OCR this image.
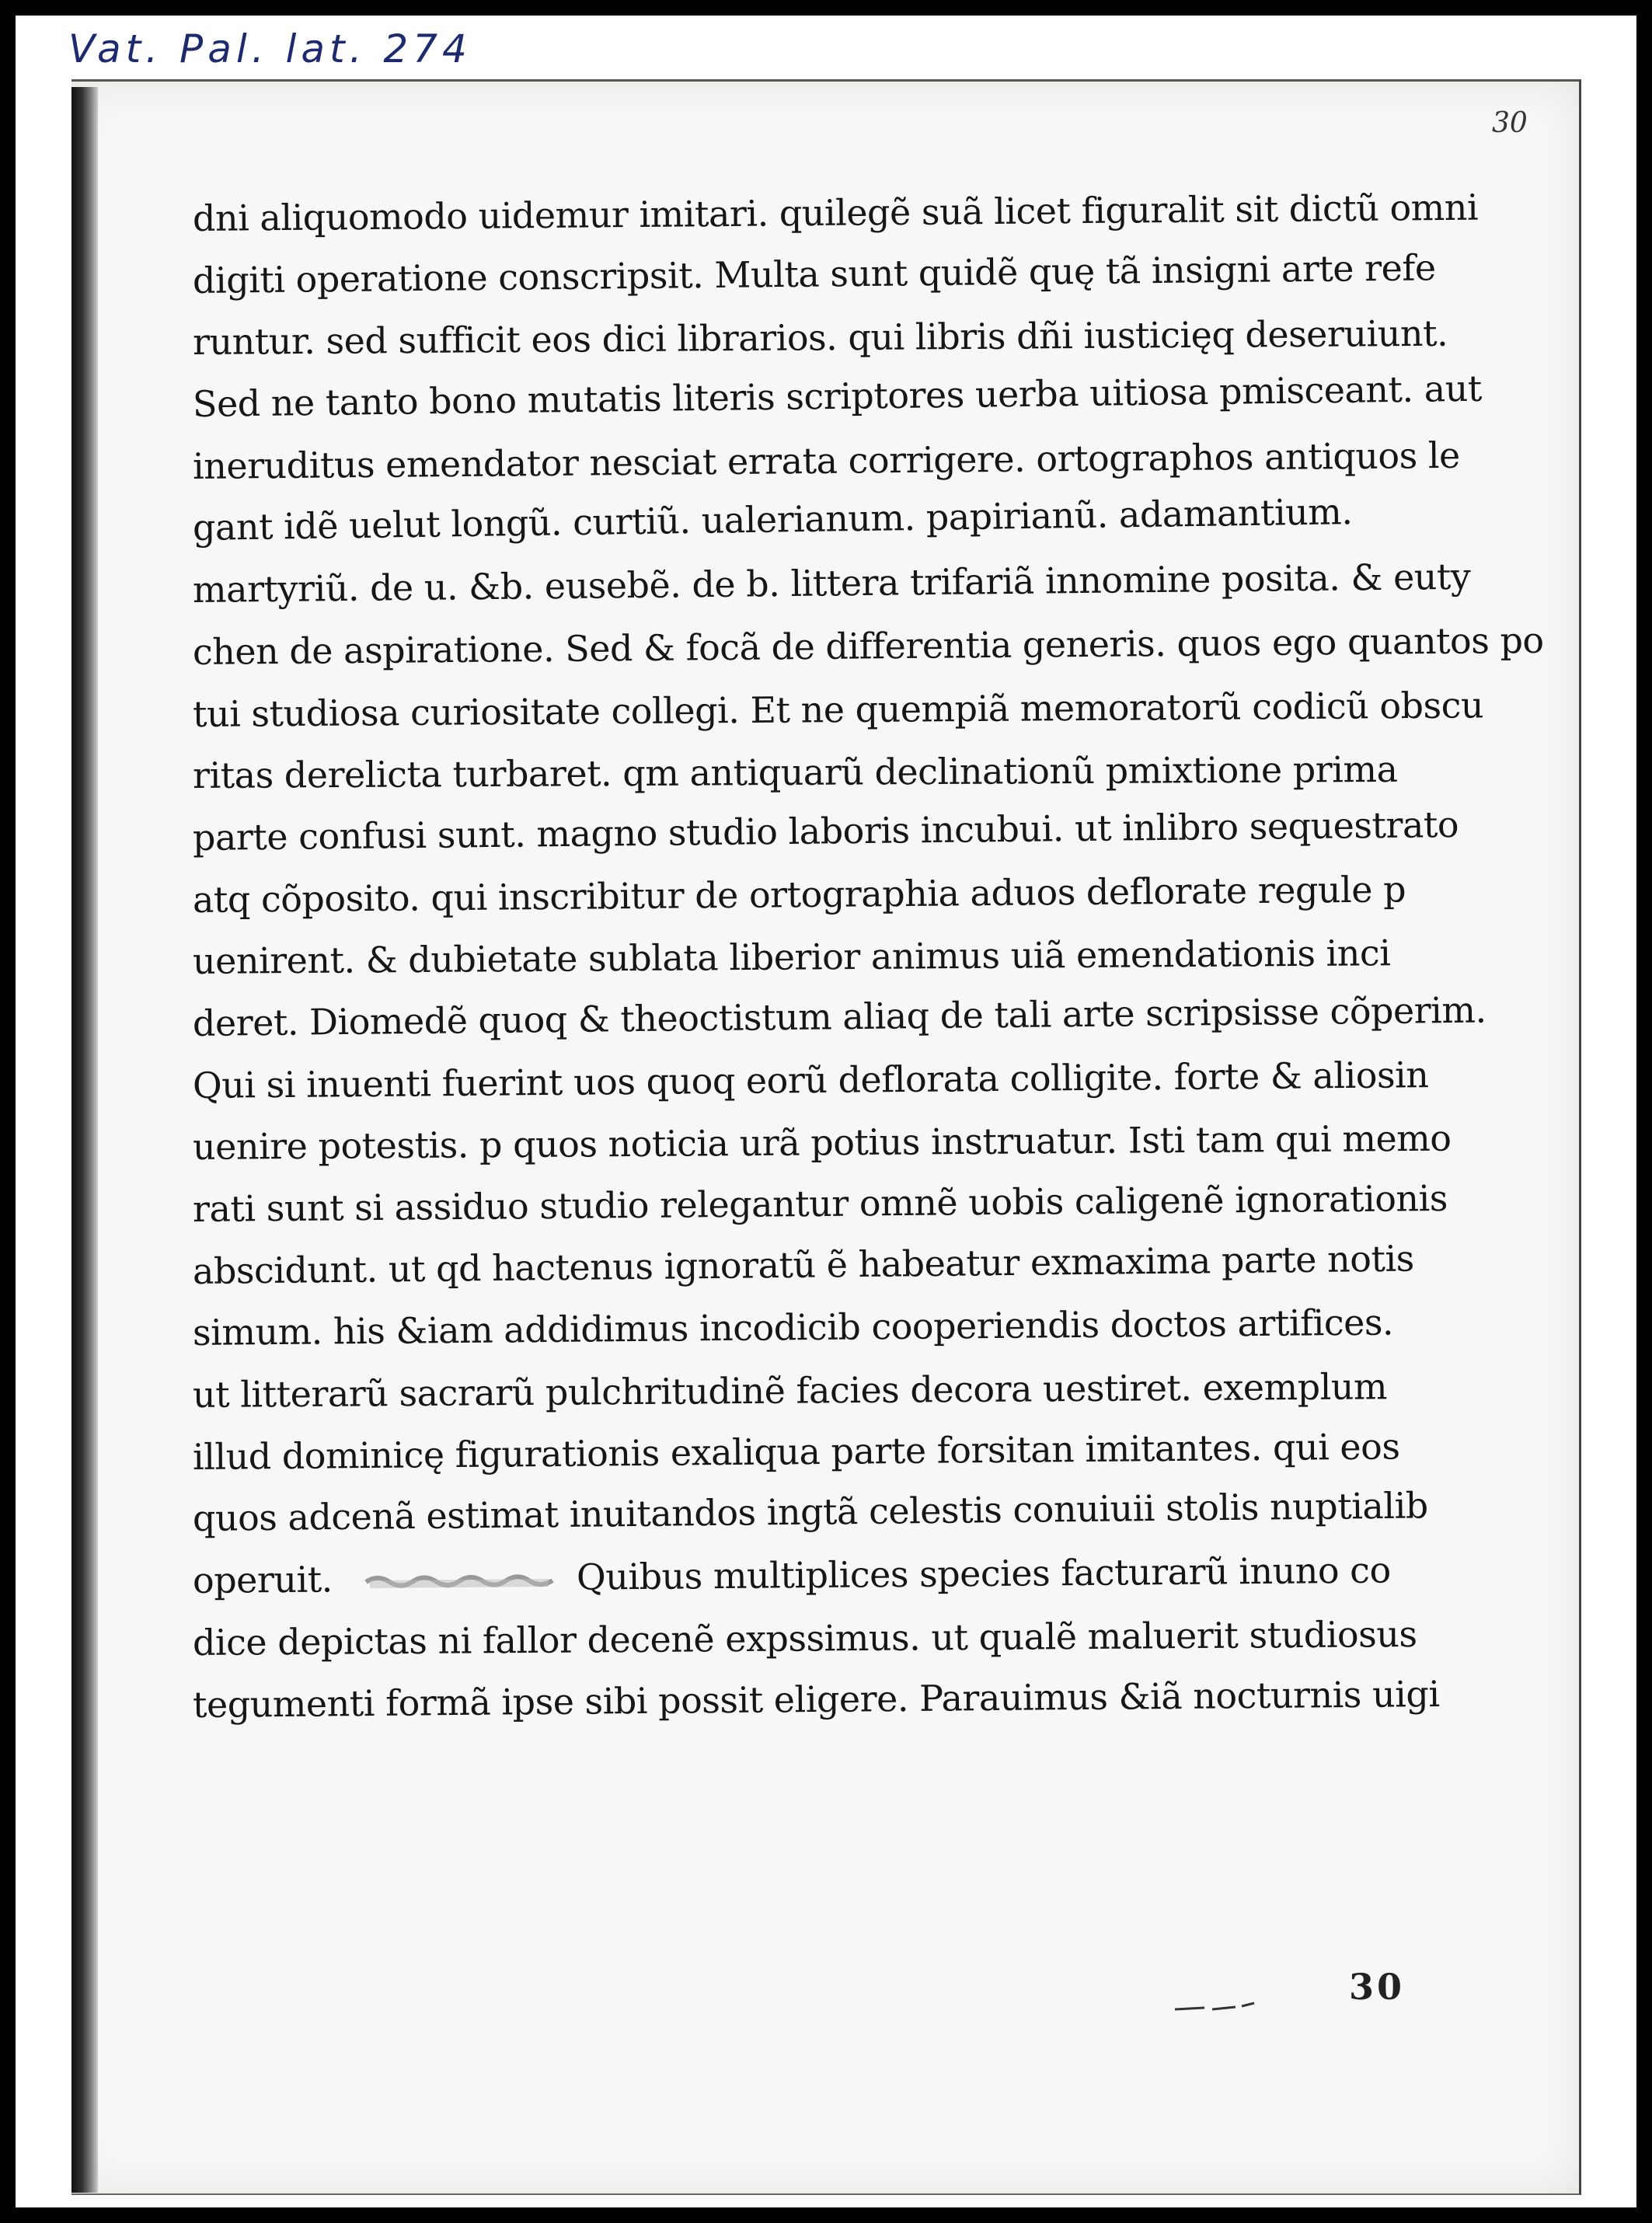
Vat. Pal. lat. 274
30
dni aliquomodo uidemur imitari. quilegẽ suã licet figuralit sit dictũ omni
digiti operatione conscripsit. Multa sunt quidẽ quę tã insigni arte refe
runtur. sed sufficit eos dici librarios. qui libris dñi iusticięq deseruiunt.
Sed ne tanto bono mutatis literis scriptores uerba uitiosa pmisceant. aut
ineruditus emendator nesciat errata corrigere. ortographos antiquos le
gant idẽ uelut longũ. curtiũ. ualerianum. papirianũ. adamantium.
martyriũ. de u. &b. eusebẽ. de b. littera trifariã innomine posita. & euty
chen de aspiratione. Sed & focã de differentia generis. quos ego quantos po
tui studiosa curiositate collegi. Et ne quempiã memoratorũ codicũ obscu
ritas derelicta turbaret. qm antiquarũ declinationũ pmixtione prima
parte confusi sunt. magno studio laboris incubui. ut inlibro sequestrato
atq cõposito. qui inscribitur de ortographia aduos deflorate regule p
uenirent. & dubietate sublata liberior animus uiã emendationis inci
deret. Diomedẽ quoq & theoctistum aliaq de tali arte scripsisse cõperim.
Qui si inuenti fuerint uos quoq eorũ deflorata colligite. forte & aliosin
uenire potestis. p quos noticia urã potius instruatur. Isti tam qui memo
rati sunt si assiduo studio relegantur omnẽ uobis caligenẽ ignorationis
abscidunt. ut qd hactenus ignoratũ ẽ habeatur exmaxima parte notis
simum. his &iam addidimus incodicib cooperiendis doctos artifices.
ut litterarũ sacrarũ pulchritudinẽ facies decora uestiret. exemplum
illud dominicę figurationis exaliqua parte forsitan imitantes. qui eos
quos adcenã estimat inuitandos ingtã celestis conuiuii stolis nuptialib
operuit.	Quibus multiplices species facturarũ inuno co
dice depictas ni fallor decenẽ expssimus. ut qualẽ maluerit studiosus
tegumenti formã ipse sibi possit eligere. Parauimus &iã nocturnis uigi
30
